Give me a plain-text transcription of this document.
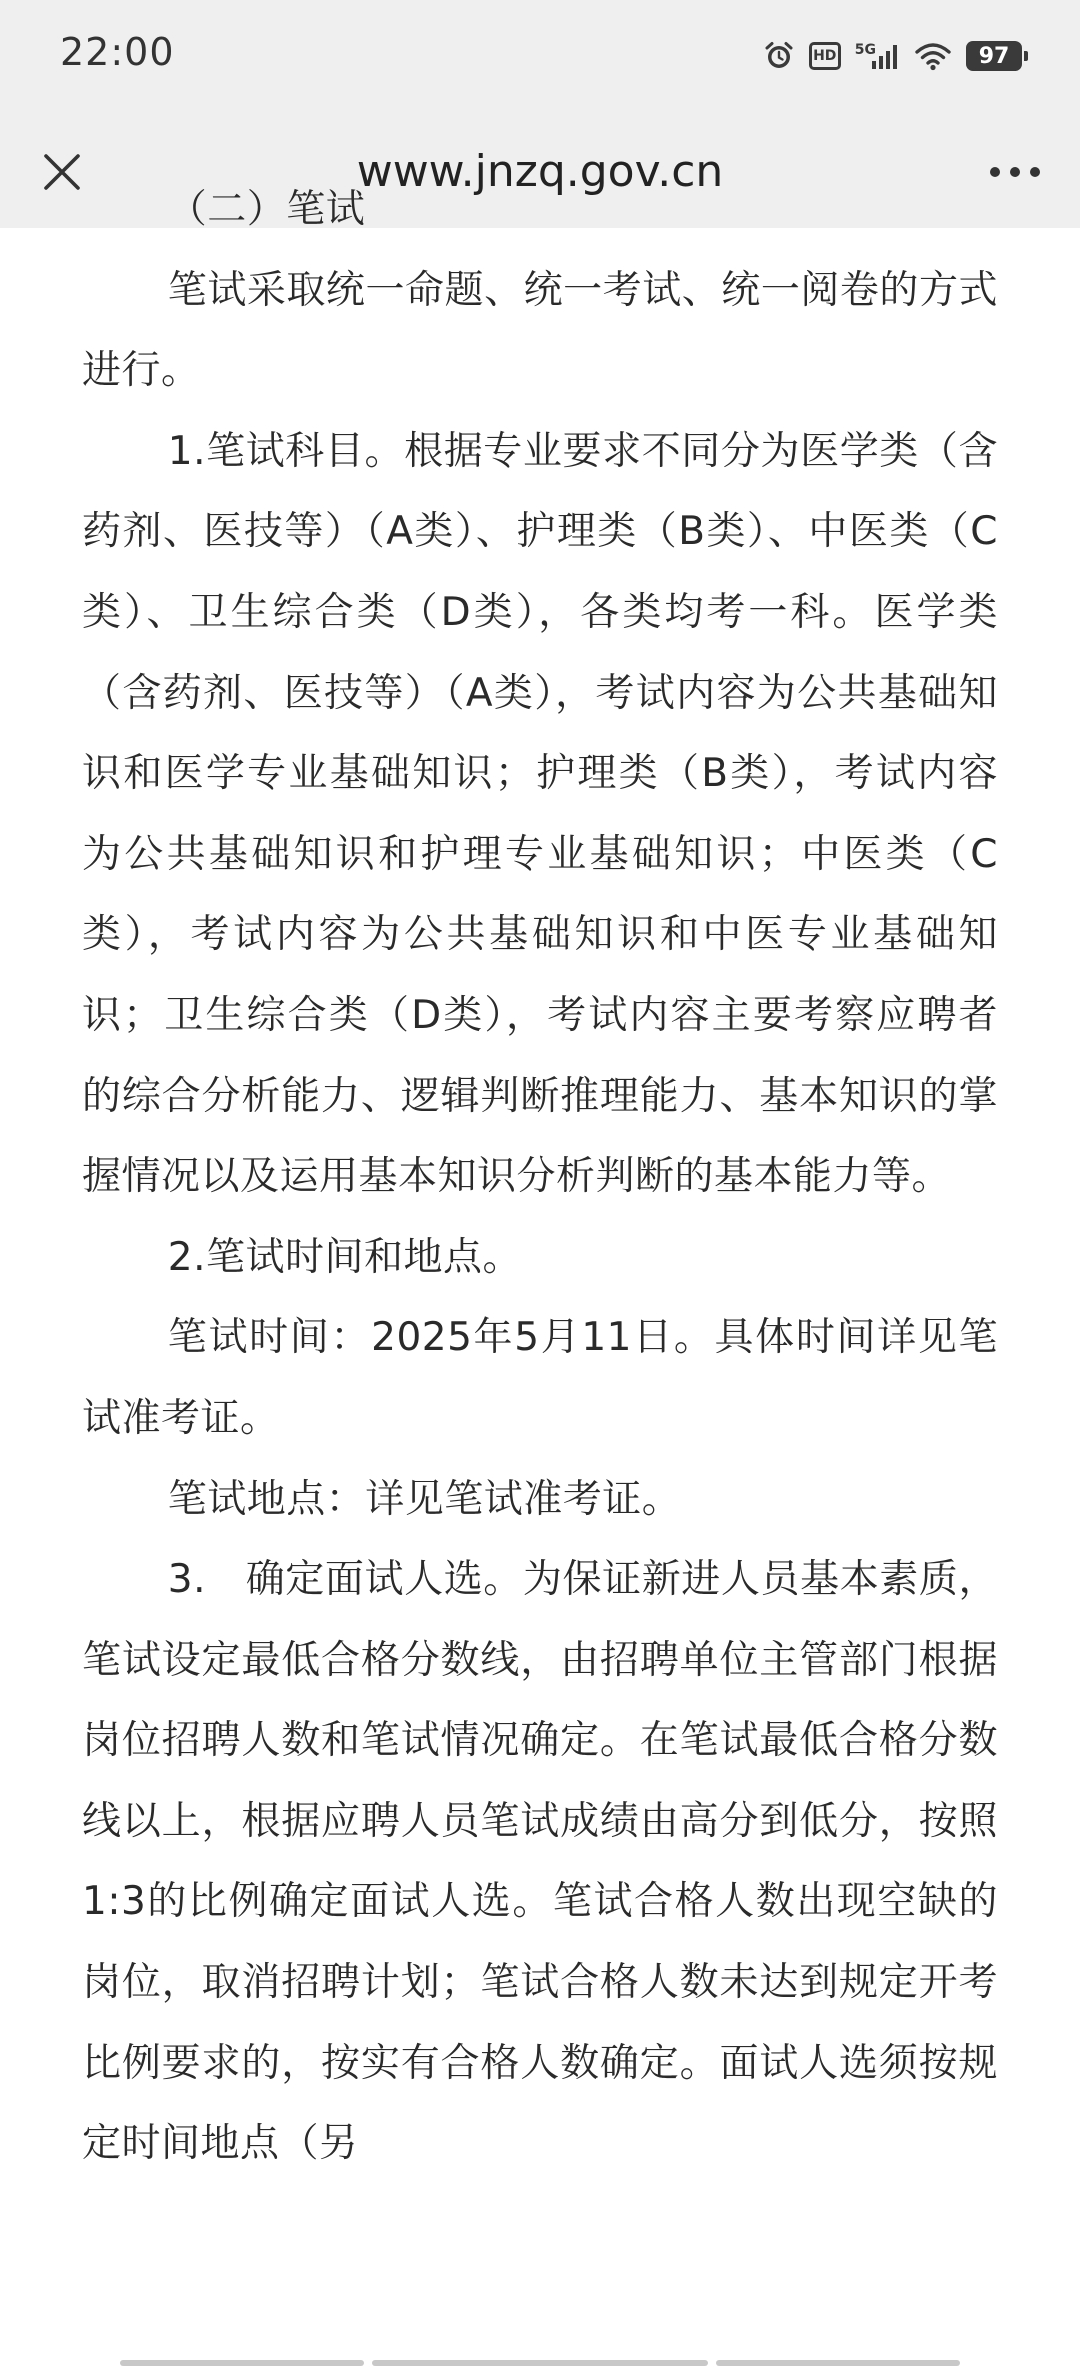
22:00	HD	5G	97
www.jnzq.gov.cn

（二）笔试

笔试采取统一命题、统一考试、统一阅卷的方式进行。

1.笔试科目。根据专业要求不同分为医学类（含药剂、医技等）（A类）、护理类（B类）、中医类（C类）、卫生综合类（D类），各类均考一科。医学类（含药剂、医技等）（A类），考试内容为公共基础知识和医学专业基础知识；护理类（B类），考试内容为公共基础知识和护理专业基础知识；中医类（C类），考试内容为公共基础知识和中医专业基础知识；卫生综合类（D类），考试内容主要考察应聘者的综合分析能力、逻辑判断推理能力、基本知识的掌握情况以及运用基本知识分析判断的基本能力等。

2.笔试时间和地点。

笔试时间：2025年5月11日。具体时间详见笔试准考证。

笔试地点：详见笔试准考证。

3.　确定面试人选。为保证新进人员基本素质，笔试设定最低合格分数线，由招聘单位主管部门根据岗位招聘人数和笔试情况确定。在笔试最低合格分数线以上，根据应聘人员笔试成绩由高分到低分，按照1:3的比例确定面试人选。笔试合格人数出现空缺的岗位，取消招聘计划；笔试合格人数未达到规定开考比例要求的，按实有合格人数确定。面试人选须按规定时间地点（另
